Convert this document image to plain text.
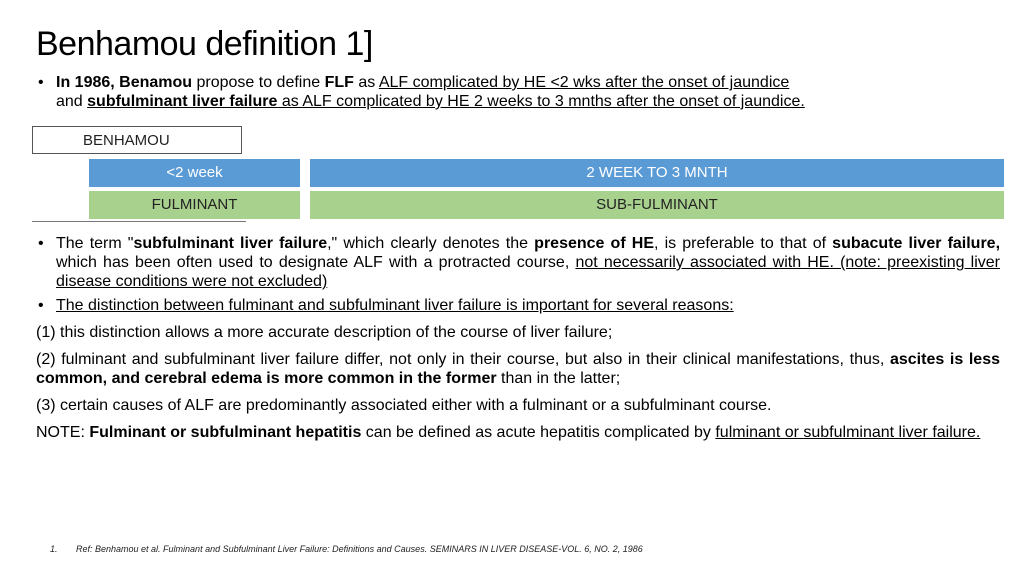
Benhamou definition 1]
• In 1986, Benamou propose to define FLF as ALF complicated by HE <2 wks after the onset of jaundice
and subfulminant liver failure as ALF complicated by HE 2 weeks to 3 mnths after the onset of jaundice.
BENHAMOU
<2 week
FULMINANT
2 WEEK TO 3 MNTH
SUB-FULMINANT
• The term "subfulminant liver failure," which clearly denotes the presence of HE, is preferable to that of subacute liver failure, which has been often used to designate ALF with a protracted course, not necessarily associated with HE. (note: preexisting liver disease conditions were not excluded)
• The distinction between fulminant and subfulminant liver failure is important for several reasons:
(1) this distinction allows a more accurate description of the course of liver failure;
(2) fulminant and subfulminant liver failure differ, not only in their course, but also in their clinical manifestations, thus, ascites is less common, and cerebral edema is more common in the former than in the latter;
(3) certain causes of ALF are predominantly associated either with a fulminant or a subfulminant course.
NOTE: Fulminant or subfulminant hepatitis can be defined as acute hepatitis complicated by fulminant or subfulminant liver failure.
1. Ref: Benhamou et al. Fulminant and Subfulminant Liver Failure: Definitions and Causes. SEMINARS IN LIVER DISEASE-VOL. 6, NO. 2, 1986
